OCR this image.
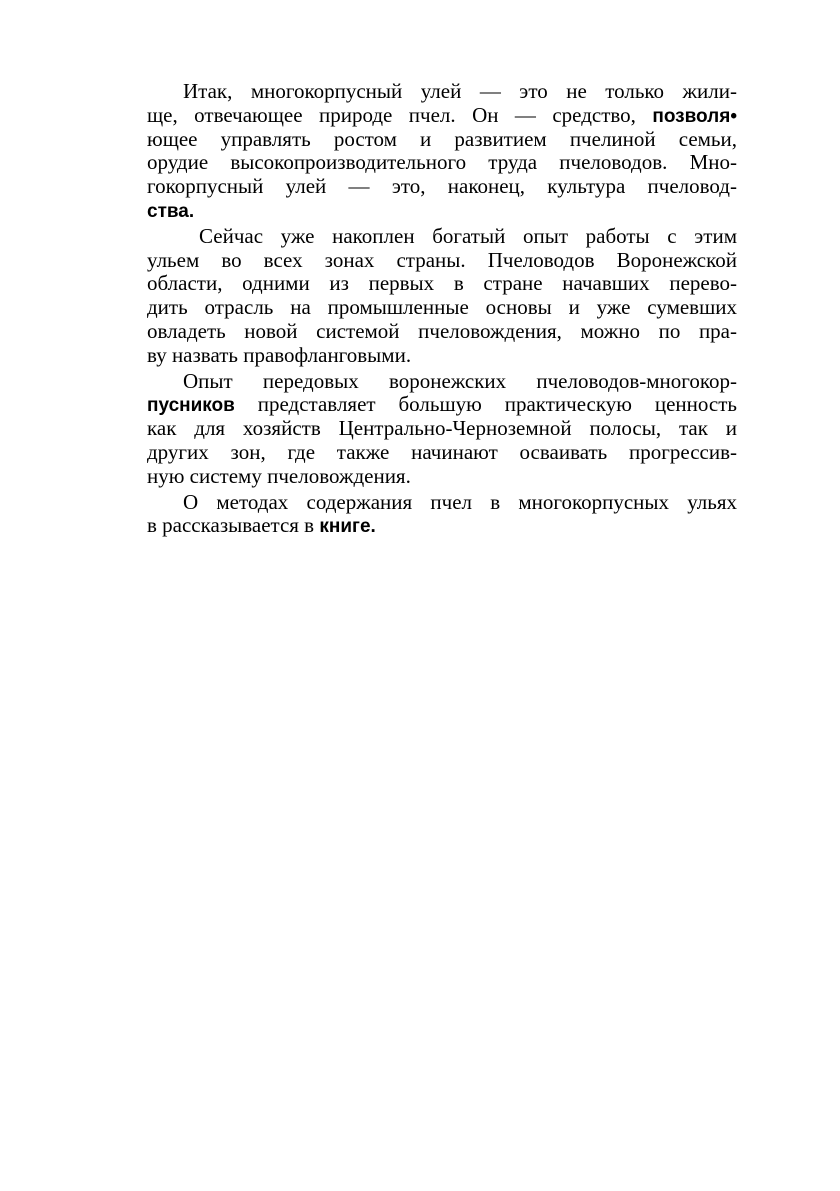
Итак, многокорпусный улей — это не только жили-
ще, отвечающее природе пчел. Он — средство, позволя•
ющее управлять ростом и развитием пчелиной семьи,
орудие высокопроизводительного труда пчеловодов. Мно-
гокорпусный улей — это, наконец, культура пчеловод-
ства.
Сейчас уже накоплен богатый опыт работы с этим
ульем во всех зонах страны. Пчеловодов Воронежской
области, одними из первых в стране начавших перево-
дить отрасль на промышленные основы и уже сумевших
овладеть новой системой пчеловождения, можно по пра-
ву назвать правофланговыми.
Опыт передовых воронежских пчеловодов-многокор-
пусников представляет большую практическую ценность
как для хозяйств Центрально-Черноземной полосы, так и
других зон, где также начинают осваивать прогрессив-
ную систему пчеловождения.
О методах содержания пчел в многокорпусных ульях
в рассказывается в книге.
